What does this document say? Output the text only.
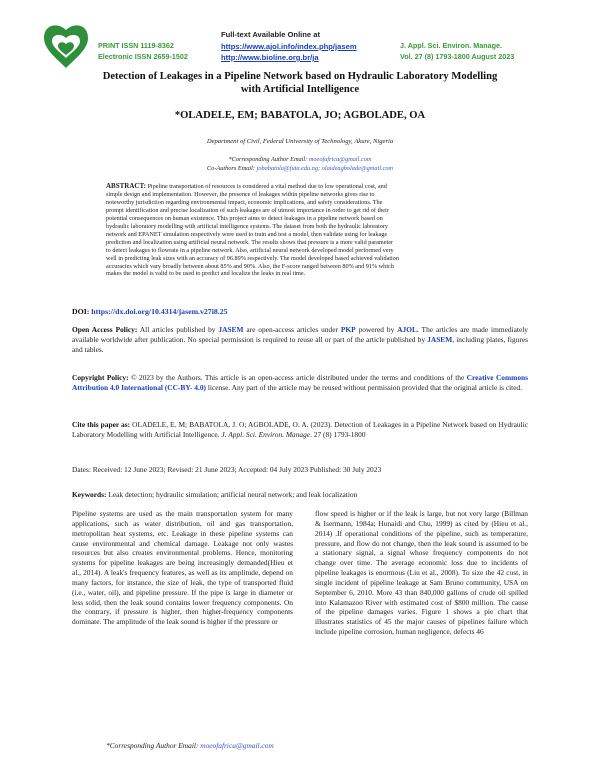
PRINT ISSN 1119-8362
Electronic ISSN 2659-1502
Full-text Available Online at
https://www.ajol.info/index.php/jasem
http://www.bioline.org.br/ja
J. Appl. Sci. Environ. Manage.
Vol. 27 (8) 1793-1800 August 2023
Detection of Leakages in a Pipeline Network based on Hydraulic Laboratory Modelling
with Artificial Intelligence
*OLADELE, EM; BABATOLA, JO; AGBOLADE, OA
Department of Civil, Federal University of Technology, Akure, Nigeria
*Corresponding Author Email: moeofafrica@gmail.com
Co-Authors Email: jobabatola@futa.edu.ng; olaideagbolade@gmail.com
ABSTRACT: Pipeline transportation of resources is considered a vital method due to low operational cost, and
simple design and implementation. However, the presence of leakages within pipeline networks gives rise to
noteworthy jurisdiction regarding environmental impact, economic implications, and safety considerations. The
prompt identification and precise localization of such leakages are of utmost importance in order to get rid of their
potential consequences on human existence. This project aims to detect leakages in a pipeline network based on
hydraulic laboratory modelling with artificial intelligence systems. The dataset from both the hydraulic laboratory
network and EPANET simulation respectively were used to train and test a model, then validate using for leakage
prediction and localization using artificial neural network. The results shows that pressure is a more valid parameter
to detect leakages to flowrate in a pipeline network. Also, artificial neural network developed model performed very
well in predicting leak sizes with an accuracy of 96.89% respectively. The model developed based achieved validation
accuracies which vary broadly between about 85% and 90%. Also, the F-score ranged between 80% and 91% which
makes the model is valid to be used to predict and localize the leaks in real time.
DOI: https://dx.doi.org/10.4314/jasem.v27i8.25
Open Access Policy: All articles published by JASEM are open-access articles under PKP powered by AJOL. The articles are made immediately available worldwide after publication. No special permission is required to reuse all or part of the article published by JASEM, including plates, figures and tables.
Copyright Policy: © 2023 by the Authors. This article is an open-access article distributed under the terms and conditions of the Creative Commons Attribution 4.0 International (CC-BY- 4.0) license. Any part of the article may be reused without permission provided that the original article is cited.
Cite this paper as: OLADELE, E. M; BABATOLA, J. O; AGBOLADE, O. A. (2023). Detection of Leakages in a Pipeline Network based on Hydraulic Laboratory Modelling with Artificial Intelligence. J. Appl. Sci. Environ. Manage. 27 (8) 1793-1800
Dates: Received: 12 June 2023; Revised: 21 June 2023; Accepted: 04 July 2023 Published: 30 July 2023
Keywords: Leak detection; hydraulic simulation; artificial neural network; and leak localization
Pipeline systems are used as the main transportation system for many applications, such as water distribution, oil and gas transportation, metropolitan heat systems, etc. Leakage in these pipeline systems can cause environmental and chemical damage. Leakage not only wastes resources but also creates environmental problems. Hence, monitoring systems for pipeline leakages are being increasingly demanded(Hieu et al., 2014). A leak's frequency features, as well as its amplitude, depend on many factors, for instance, the size of leak, the type of transported fluid (i.e., water, oil), and pipeline pressure. If the pipe is large in diameter or less solid, then the leak sound contains lower frequency components. On the contrary, if pressure is higher, then higher-frequency components dominate. The amplitude of the leak sound is higher if the pressure or
flow speed is higher or if the leak is large, but not very large (Billman & Isermann, 1984a; Hunaidi and Chu, 1999) as cited by (Hieu et al., 2014) .If operational conditions of the pipeline, such as temperature, pressure, and flow do not change, then the leak sound is assumed to be a stationary signal, a signal whose frequency components do not change over time. The average economic loss due to incidents of pipeline leakages is enormous (Liu et al., 2008). To size the 42 cost, in single incident of pipeline leakage at Sam Bruno community, USA on September 6, 2010. More 43 than 840,000 gallons of crude oil spilled into Kalamazoo River with estimated cost of $800 million. The cause of the pipeline damages varies. Figure 1 shows a pie chart that illustrates statistics of 45 the major causes of pipelines failure which include pipeline corrosion, human negligence, defects 46
*Corresponding Author Email: moeofafrica@gmail.com
